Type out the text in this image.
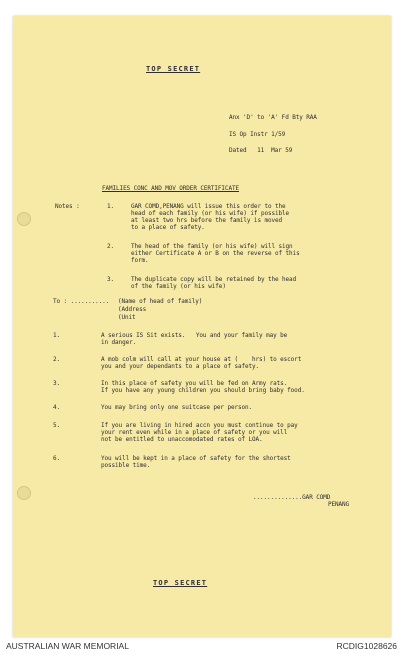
TOP SECRET
Anx 'D' to 'A' Fd Bty RAA
IS Op Instr 1/59
Dated   11  Mar 59
FAMILIES CONC AND MOV ORDER CERTIFICATE
Notes :	1.	GAR COMD,PENANG will issue this order to the
head of each family (or his wife) if possible
at least two hrs before the family is moved
to a place of safety.
2.	The head of the family (or his wife) will sign
either Certificate A or B on the reverse of this
form.
3.	The duplicate copy will be retained by the head
of the family (or his wife)
To : ........... (Name of head of family)
(Address
(Unit
1.	A serious IS Sit exists.   You and your family may be
in danger.
2.	A mob colm will call at your house at (    hrs) to escort
you and your dependants to a place of safety.
3.	In this place of safety you will be fed on Army rats.
If you have any young children you should bring baby food.
4.	You may bring only one suitcase per person.
5.	If you are living in hired accn you must continue to pay
your rent even while in a place of safety or you will
not be entitled to unaccomodated rates of LOA.
6.	You will be kept in a place of safety for the shortest
possible time.
..............GAR COMD
PENANG
TOP SECRET
AUSTRALIAN WAR MEMORIAL	RCDIG1028626
